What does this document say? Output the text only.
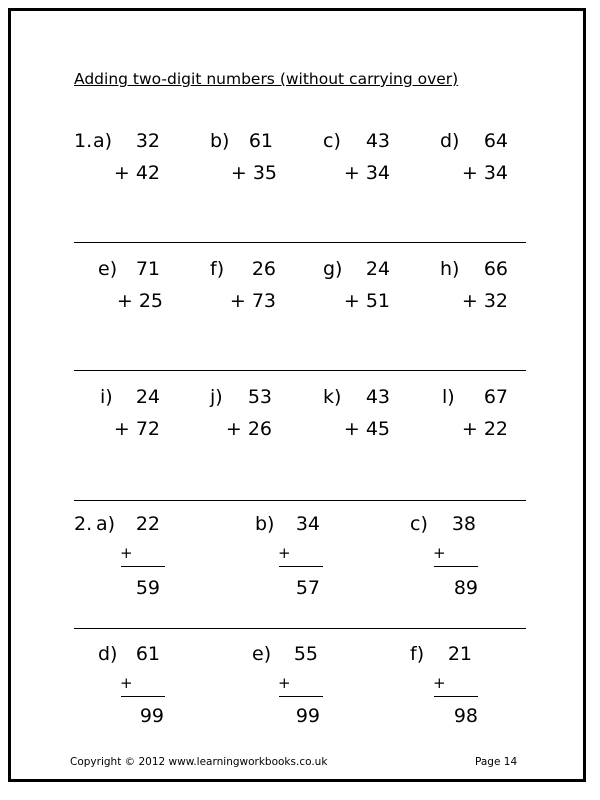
Adding two-digit numbers (without carrying over)
1. a)	32
+ 42
b)	61
+ 35
c)	43
+ 34
d)	64
+ 34
e) 71
+ 25
f)	26
+ 73
g)	24
+ 51
h)	66
+ 32
i)	24
+ 72
j)	53
+ 26
k)	43
+ 45
l)	67
+ 22
2. a)	22
+
59
b)	34
+
57
c)	38
+
89
d) 61
+
99
e)	55
+
99
f)	21
+
98
Copyright © 2012 www.learningworkbooks.co.uk	Page 14
